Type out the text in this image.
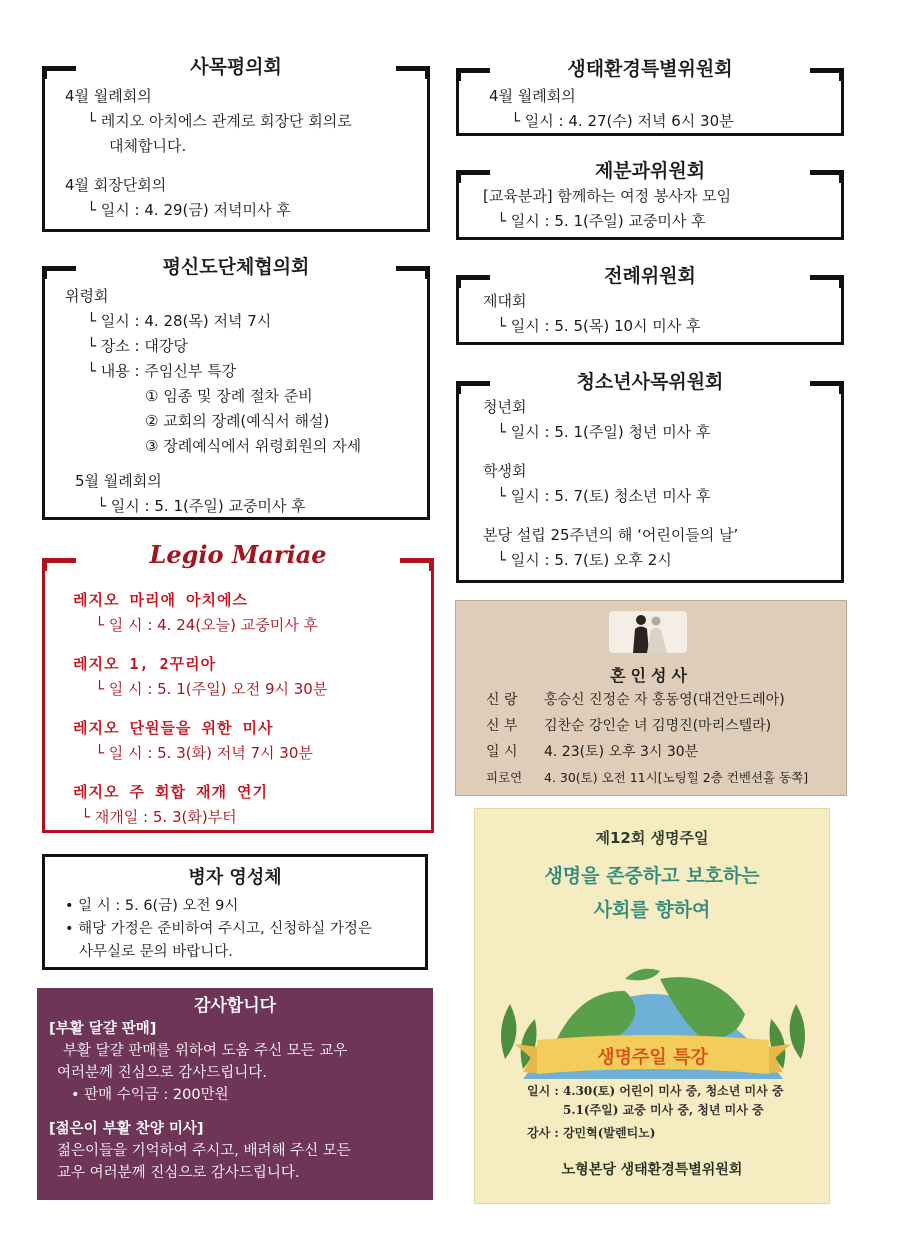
사목평의회
4월 월례회의
└ 레지오 아치에스 관계로 회장단 회의로
대체합니다.
4월 회장단회의
└ 일시 : 4. 29(금) 저녁미사 후
평신도단체협의회
위령회
└ 일시 : 4. 28(목) 저녁 7시
└ 장소 : 대강당
└ 내용 : 주임신부 특강
① 임종 및 장례 절차 준비
② 교회의 장례(예식서 해설)
③ 장례예식에서 위령회원의 자세
5월 월례회의
└ 일시 : 5. 1(주일) 교중미사 후
Legio Mariae
레지오 마리애 아치에스
└ 일 시 : 4. 24(오늘) 교중미사 후
레지오 1, 2꾸리아
└ 일 시 : 5. 1(주일) 오전 9시 30분
레지오 단원들을 위한 미사
└ 일 시 : 5. 3(화) 저녁 7시 30분
레지오 주 회합 재개 연기
└ 재개일 : 5. 3(화)부터
병자 영성체
• 일 시 : 5. 6(금) 오전 9시
• 해당 가정은 준비하여 주시고, 신청하실 가정은
사무실로 문의 바랍니다.
감사합니다
[부활 달걀 판매]
부활 달걀 판매를 위하여 도움 주신 모든 교우
여러분께 진심으로 감사드립니다.
• 판매 수익금 : 200만원
[젊은이 부활 찬양 미사]
젊은이들을 기억하여 주시고, 배려해 주신 모든
교우 여러분께 진심으로 감사드립니다.
생태환경특별위원회
4월 월례회의
└ 일시 : 4. 27(수) 저녁 6시 30분
제분과위원회
[교육분과] 함께하는 여정 봉사자 모임
└ 일시 : 5. 1(주일) 교중미사 후
전례위원회
제대회
└ 일시 : 5. 5(목) 10시 미사 후
청소년사목위원회
청년회
└ 일시 : 5. 1(주일) 청년 미사 후
학생회
└ 일시 : 5. 7(토) 청소년 미사 후
본당 설립 25주년의 해 ‘어린이들의 날’
└ 일시 : 5. 7(토) 오후 2시
혼인성사
신 랑 홍승신 진정순 자 홍동영(대건안드레아)
신 부 김찬순 강인순 녀 김명진(마리스텔라)
일 시 4. 23(토) 오후 3시 30분
피로연 4. 30(토) 오전 11시[노팅힐 2층 컨벤션홀 동쪽]
제12회 생명주일
생명을 존중하고 보호하는
사회를 향하여
생명주일 특강
일시 : 4.30(토) 어린이 미사 중, 청소년 미사 중
5.1(주일) 교중 미사 중, 청년 미사 중
강사 : 강민혁(발렌티노)
노형본당 생태환경특별위원회
